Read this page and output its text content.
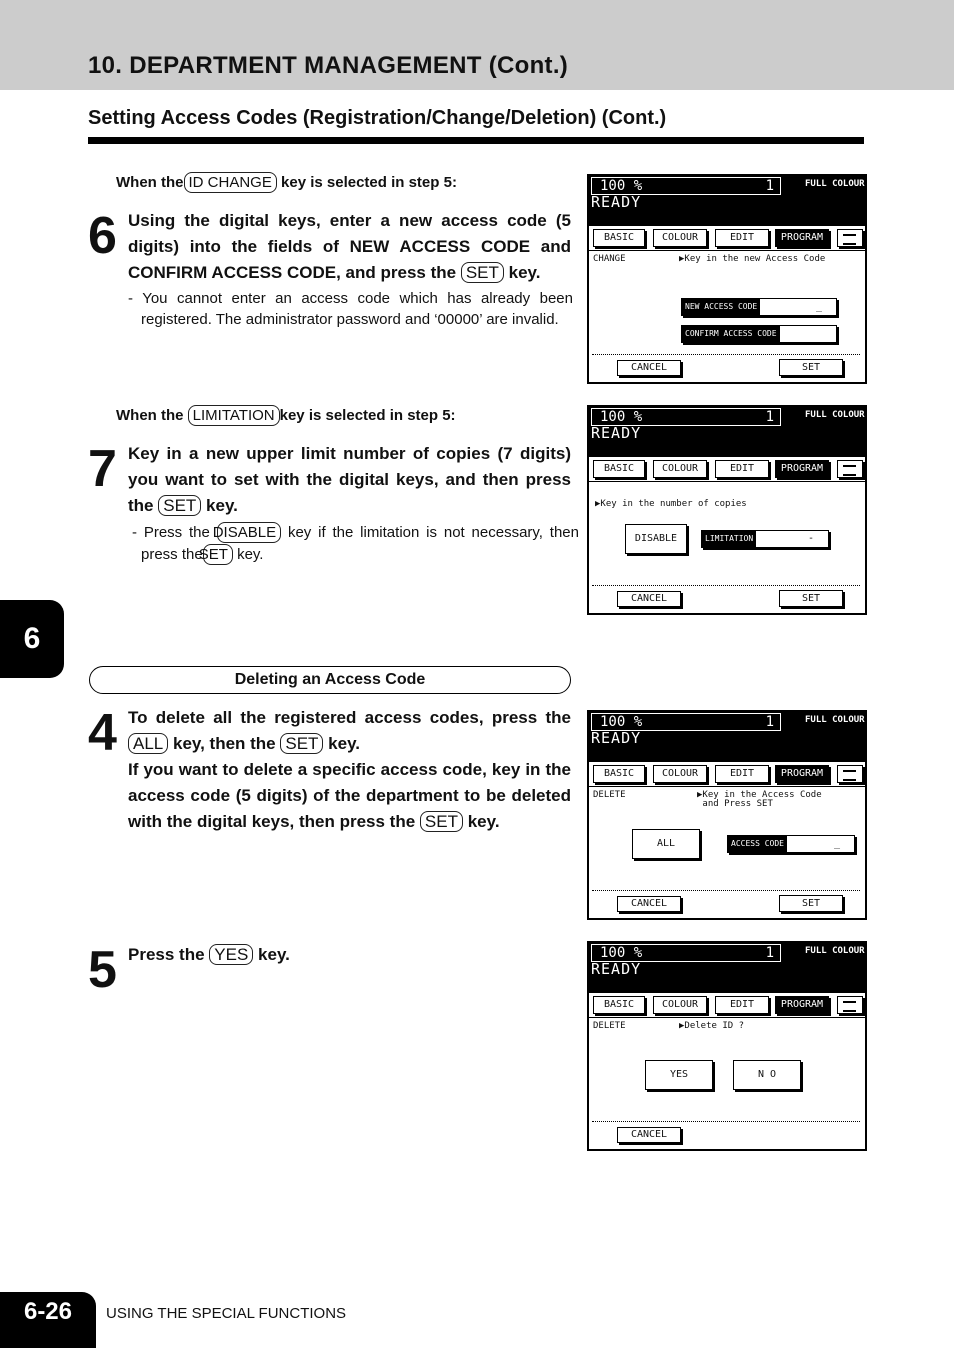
10. DEPARTMENT MANAGEMENT (Cont.)
Setting Access Codes (Registration/Change/Deletion) (Cont.)
When the ID CHANGE key is selected in step 5:
6 Using the digital keys, enter a new access code (5 digits) into the fields of NEW ACCESS CODE and CONFIRM ACCESS CODE, and press the SET key.
- You cannot enter an access code which has already been registered. The administrator password and ‘00000’ are invalid.
When the LIMITATION key is selected in step 5:
7 Key in a new upper limit number of copies (7 digits) you want to set with the digital keys, and then press the SET key.
- Press the DISABLE key if the limitation is not necessary, then press theSET key.
6
Deleting an Access Code
4 To delete all the registered access codes, press the ALL key, then the SET key.
If you want to delete a specific access code, key in the access code (5 digits) of the department to be deleted with the digital keys, then press the SET key.
5 Press the YES key.
100 %	1	FULL COLOUR
READY
BASIC	COLOUR	EDIT	PROGRAM
CHANGE	▶Key in the new Access Code
NEW ACCESS CODE	_
CONFIRM ACCESS CODE
CANCEL	SET
100 %	1	FULL COLOUR
READY
BASIC	COLOUR	EDIT	PROGRAM
▶Key in the number of copies
DISABLE	LIMITATION	-
CANCEL	SET
100 %	1	FULL COLOUR
READY
BASIC	COLOUR	EDIT	PROGRAM
DELETE	▶Key in the Access Code
and Press SET
ALL	ACCESS CODE	_
CANCEL	SET
100 %	1	FULL COLOUR
READY
BASIC	COLOUR	EDIT	PROGRAM
DELETE	▶Delete ID ?
YES	N O
CANCEL
6-26	USING THE SPECIAL FUNCTIONS
